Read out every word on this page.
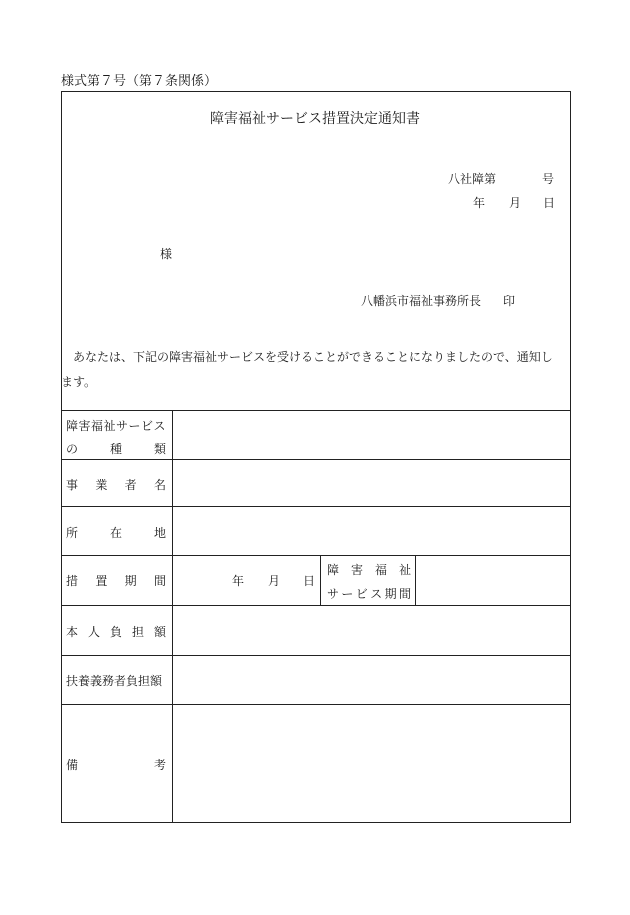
様式第７号（第７条関係）
障害福祉サービス措置決定通知書
八社障第	号
年 月 日
様
八幡浜市福祉事務所長 印
あなたは、下記の障害福祉サービスを受けることができることになりましたので、通知します。
障害福祉サービス
の	種	類
事 業 者 名
所	在	地
措 置 期 間	年 月 日
障 害 福 祉
サ ー ビ ス 期 間
本 人 負 担 額
扶養義務者負担額
備	考
